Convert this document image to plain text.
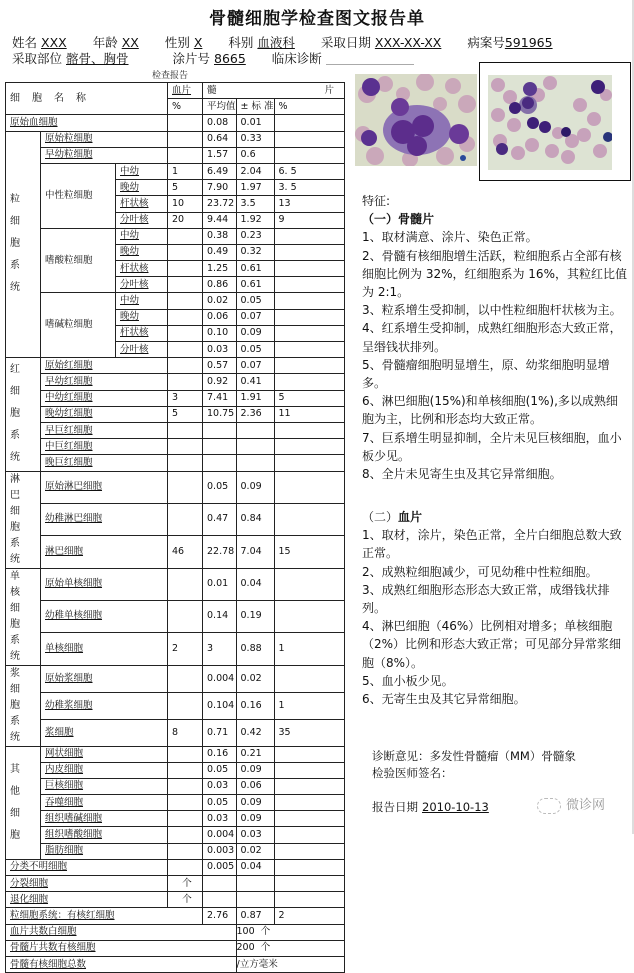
骨髓细胞学检查图文报告单
姓名 XXX 年龄 XX 性别 X 科别 血液科 采取日期 XXX-XX-XX 病案号591965
采取部位 髂骨、胸骨	涂片号 8665 临床诊断
检查报告
细胞名称			血片	髓		片
			%	平均值	± 标 准	%
原始血细胞				0.08	0.01	
粒细胞系统	原始粒细胞			0.64	0.33	
	早幼粒细胞			1.57	0.6	
	中性粒细胞	中幼	1	6.49	2.04	6. 5
		晚幼	5	7.90	1.97	3. 5
		杆状核	10	23.72	3.5	13
		分叶核	20	9.44	1.92	9
	嗜酸粒细胞	中幼		0.38	0.23	
		晚幼		0.49	0.32	
		杆状核		1.25	0.61	
		分叶核		0.86	0.61	
	嗜碱粒细胞	中幼		0.02	0.05	
		晚幼		0.06	0.07	
		杆状核		0.10	0.09	
		分叶核		0.03	0.05	
红细胞系统	原始红细胞			0.57	0.07	
	早幼红细胞			0.92	0.41	
	中幼红细胞		3	7.41	1.91	5
	晚幼红细胞		5	10.75	2.36	11
	早巨红细胞					
	中巨红细胞					
	晚巨红细胞					
淋巴细胞系统	原始淋巴细胞			0.05	0.09	
	幼稚淋巴细胞			0.47	0.84	
	淋巴细胞		46	22.78	7.04	15
单核细胞系统	原始单核细胞			0.01	0.04	
	幼稚单核细胞			0.14	0.19	
	单核细胞		2	3	0.88	1
浆细胞系统	原始浆细胞			0.004	0.02	
	幼稚浆细胞			0.104	0.16	1
	浆细胞		8	0.71	0.42	35
其他细胞	网状细胞			0.16	0.21	
	内皮细胞			0.05	0.09	
	巨核细胞			0.03	0.06	
	吞噬细胞			0.05	0.09	
	组织嗜碱细胞			0.03	0.09	
	组织嗜酸细胞			0.004	0.03	
	脂肪细胞			0.003	0.02	
分类不明细胞				0.005	0.04	
分裂细胞			个			
退化细胞			个			
粒细胞系统：有核红细胞				2.76	0.87	2
血片共数白细胞					100  个	
骨髓片共数有核细胞					200  个	
骨髓有核细胞总数					/立方毫米	

特征:

（一）骨髓片

1、取材满意、涂片、染色正常。

2、骨髓有核细胞增生活跃，粒细胞系占全部有核细胞比例为 32%，红细胞系为 16%，其粒红比值为 2:1。

3、粒系增生受抑制，以中性粒细胞杆状核为主。

4、红系增生受抑制，成熟红细胞形态大致正常，呈缗钱状排列。

5、骨髓瘤细胞明显增生，原、幼浆细胞明显增多。

6、淋巴细胞(15%)和单核细胞(1%),多以成熟细胞为主，比例和形态均大致正常。

7、巨系增生明显抑制，全片未见巨核细胞，血小板少见。

8、全片未见寄生虫及其它异常细胞。

（二）血片

1、取材，涂片，染色正常，全片白细胞总数大致正常。

2、成熟粒细胞减少，可见幼稚中性粒细胞。

3、成熟红细胞形态形态大致正常，成缗钱状排列。

4、淋巴细胞（46%）比例相对增多；单核细胞（2%）比例和形态大致正常；可见部分异常浆细胞（8%）。

5、血小板少见。

6、无寄生虫及其它异常细胞。

诊断意见：多发性骨髓瘤（MM）骨髓象
检验医师签名：
报告日期 2010-10-13	微诊网
